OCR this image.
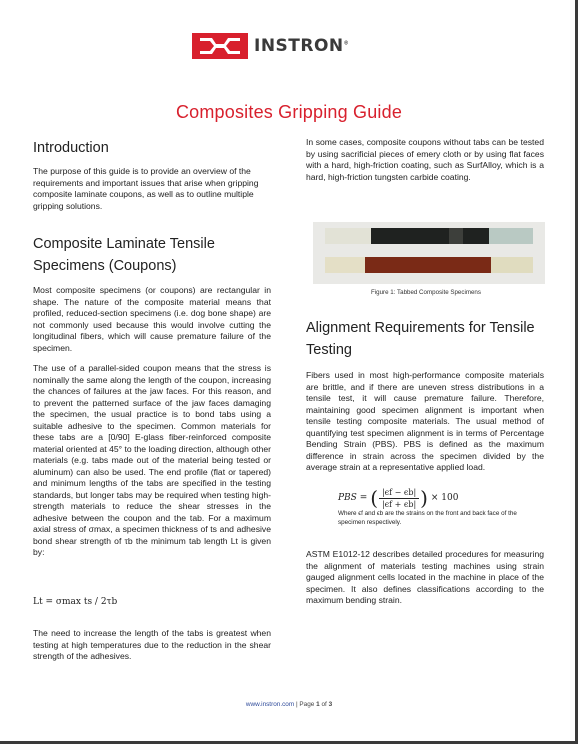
INSTRON®
Composites Gripping Guide
Introduction

The purpose of this guide is to provide an overview of the requirements and important issues that arise when gripping composite laminate coupons, as well as to outline multiple gripping solutions.

Composite Laminate Tensile
Specimens (Coupons)

Most composite specimens (or coupons) are rectangular in shape. The nature of the composite material means that profiled, reduced-section specimens (i.e. dog bone shape) are not commonly used because this would involve cutting the longitudinal fibers, which will cause premature failure of the specimen.

The use of a parallel-sided coupon means that the stress is nominally the same along the length of the coupon, increasing the chances of failures at the jaw faces. For this reason, and to prevent the patterned surface of the jaw faces damaging the specimen, the usual practice is to bond tabs using a suitable adhesive to the specimen. Common materials for these tabs are a [0/90] E-glass fiber-reinforced composite material oriented at 45° to the loading direction, although other materials (e.g. tabs made out of the material being tested or aluminum) can also be used. The end profile (flat or tapered) and minimum lengths of the tabs are specified in the testing standards, but longer tabs may be required when testing high-strength materials to reduce the shear stresses in the adhesive between the coupon and the tab. For a maximum axial stress of σmax, a specimen thickness of ts and adhesive bond shear strength of τb the minimum tab length Lt is given by:

Lt = σmax ts / 2τb

The need to increase the length of the tabs is greatest when testing at high temperatures due to the reduction in the shear strength of the adhesives.

In some cases, composite coupons without tabs can be tested by using sacrificial pieces of emery cloth or by using flat faces with a hard, high-friction coating, such as SurfAlloy, which is a hard, high-friction tungsten carbide coating.

Figure 1: Tabbed Composite Specimens
Alignment Requirements for Tensile
Testing

Fibers used in most high-performance composite materials are brittle, and if there are uneven stress distributions in a tensile test, it will cause premature failure. Therefore, maintaining good specimen alignment is important when tensile testing composite materials. The usual method of quantifying test specimen alignment is in terms of Percentage Bending Strain (PBS). PBS is defined as the maximum difference in strain across the specimen divided by the average strain at a representative applied load.

PBS = ( |ϵf − ϵb|
|ϵf + ϵb| ) × 100

Where ϵf and ϵb are the strains on the front and back face of the specimen respectively.

ASTM E1012-12 describes detailed procedures for measuring the alignment of materials testing machines using strain gauged alignment cells located in the machine in place of the specimen. It also defines classifications according to the maximum bending strain.

www.instron.com | Page 1 of 3
